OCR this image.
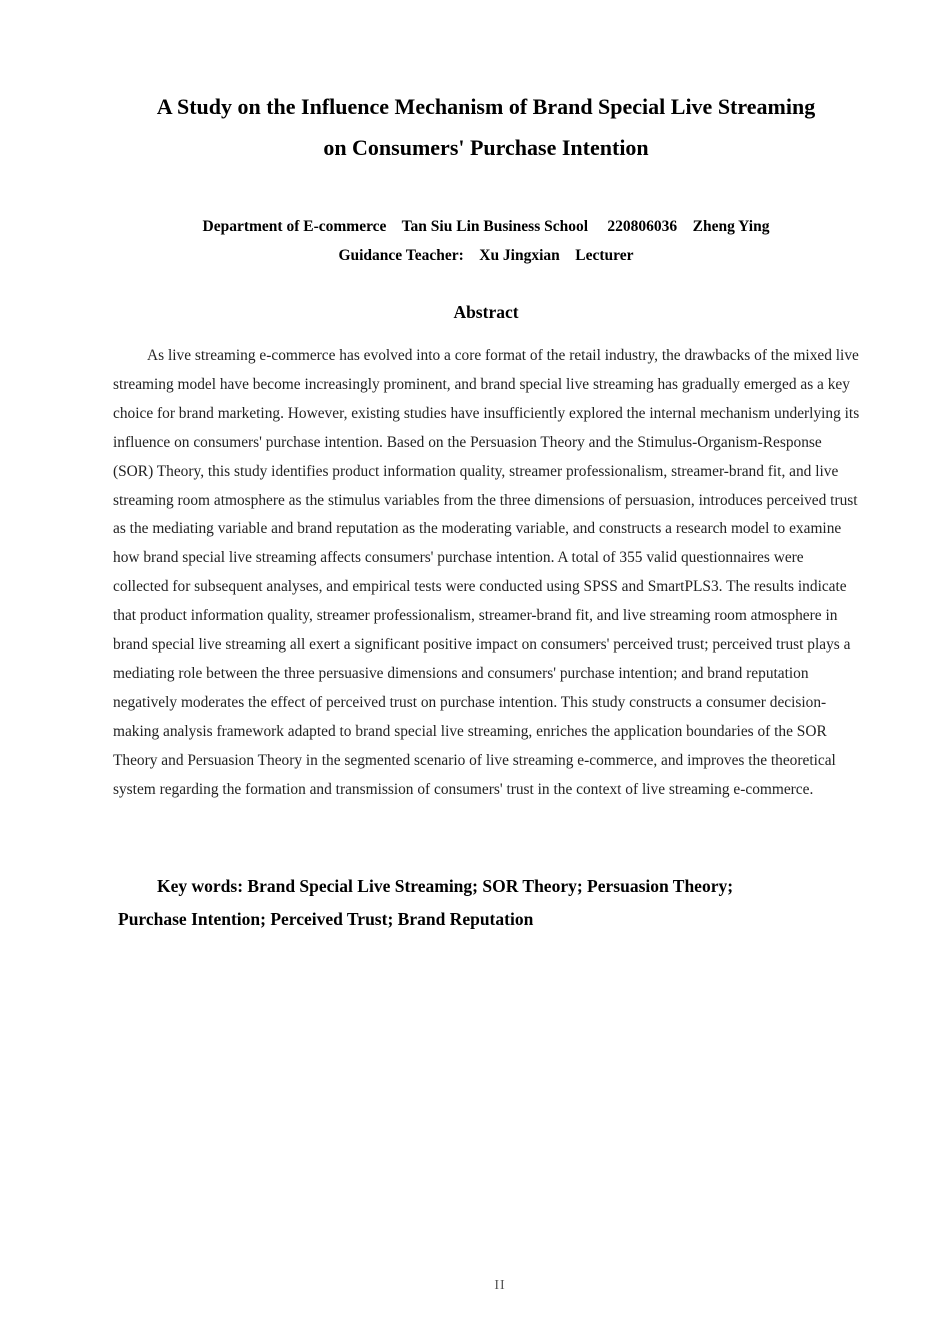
A Study on the Influence Mechanism of Brand Special Live Streaming
on Consumers' Purchase Intention
Department of E-commerce    Tan Siu Lin Business School     220806036    Zheng Ying
Guidance Teacher:    Xu Jingxian    Lecturer
Abstract

As live streaming e-commerce has evolved into a core format of the retail industry, the drawbacks of the mixed live streaming model have become increasingly prominent, and brand special live streaming has gradually emerged as a key choice for brand marketing. However, existing studies have insufficiently explored the internal mechanism underlying its influence on consumers' purchase intention. Based on the Persuasion Theory and the Stimulus-Organism-Response (SOR) Theory, this study identifies product information quality, streamer professionalism, streamer-brand fit, and live streaming room atmosphere as the stimulus variables from the three dimensions of persuasion, introduces perceived trust as the mediating variable and brand reputation as the moderating variable, and constructs a research model to examine how brand special live streaming affects consumers' purchase intention. A total of 355 valid questionnaires were collected for subsequent analyses, and empirical tests were conducted using SPSS and SmartPLS3. The results indicate that product information quality, streamer professionalism, streamer-brand fit, and live streaming room atmosphere in brand special live streaming all exert a significant positive impact on consumers' perceived trust; perceived trust plays a mediating role between the three persuasive dimensions and consumers' purchase intention; and brand reputation negatively moderates the effect of perceived trust on purchase intention. This study constructs a consumer decision-making analysis framework adapted to brand special live streaming, enriches the application boundaries of the SOR Theory and Persuasion Theory in the segmented scenario of live streaming e-commerce, and improves the theoretical system regarding the formation and transmission of consumers' trust in the context of live streaming e-commerce.

Key words: Brand Special Live Streaming; SOR Theory; Persuasion Theory;
Purchase Intention; Perceived Trust; Brand Reputation

II
